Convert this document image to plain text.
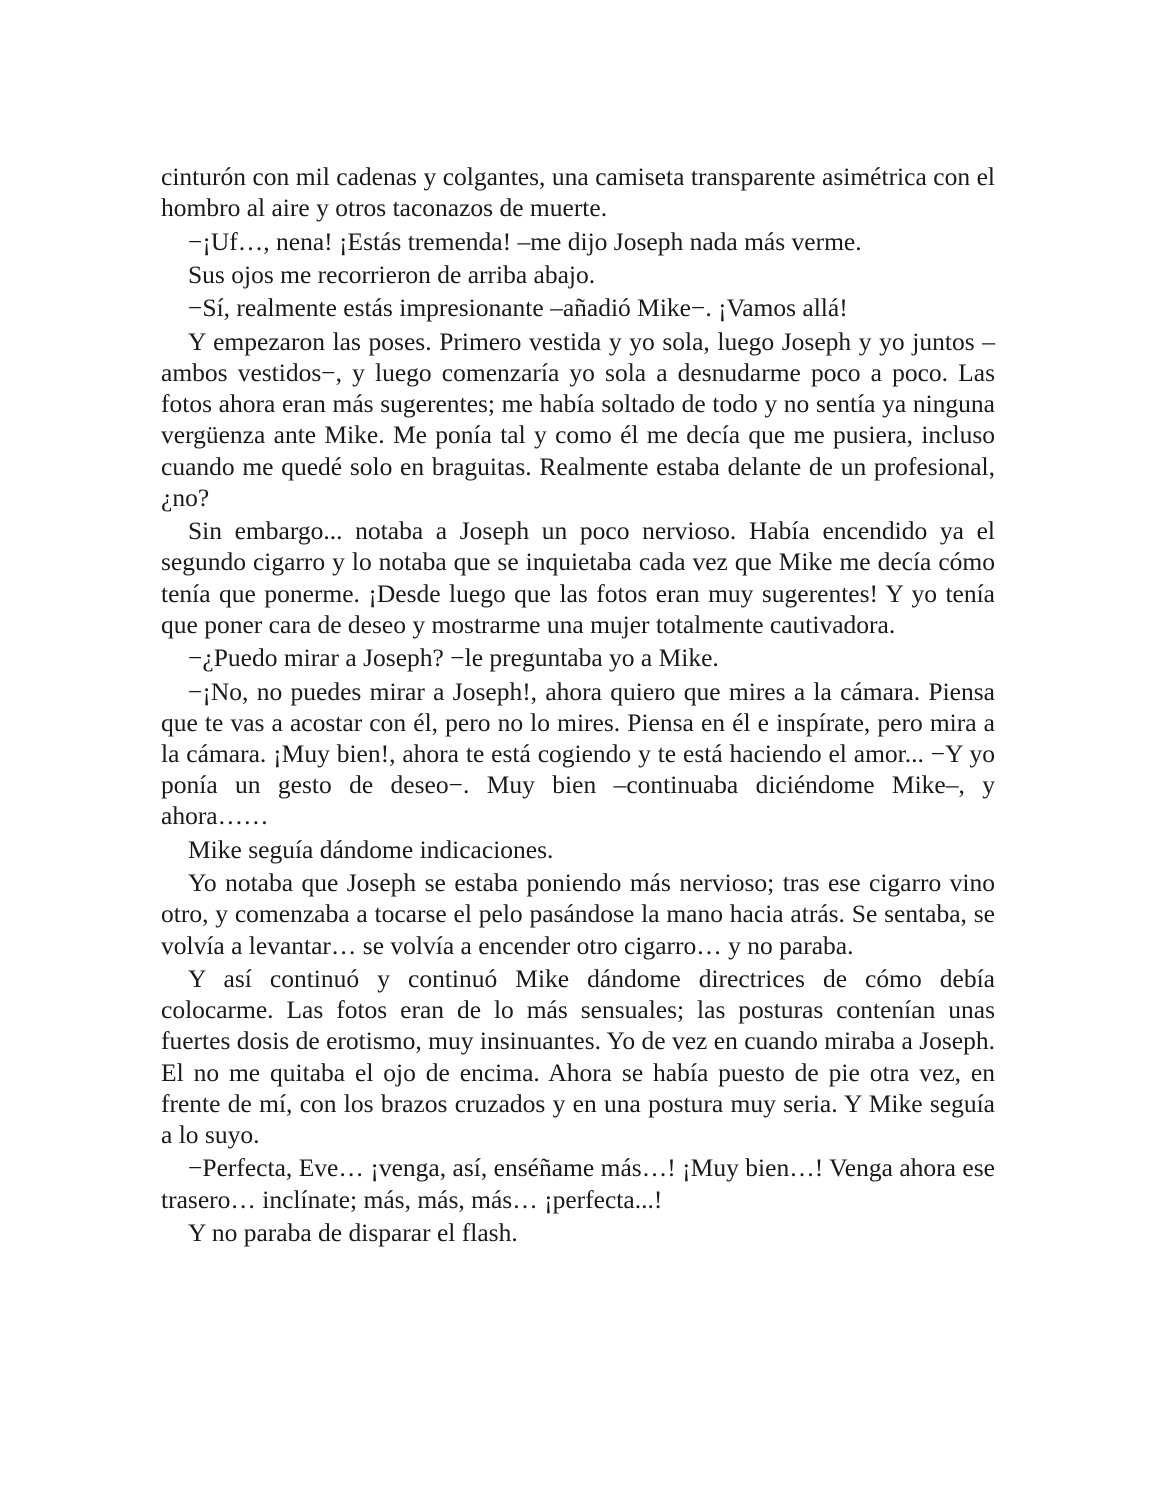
cinturón con mil cadenas y colgantes, una camiseta transparente asimétrica con el hombro al aire y otros taconazos de muerte.

−¡Uf…, nena! ¡Estás tremenda! –me dijo Joseph nada más verme.

Sus ojos me recorrieron de arriba abajo.

−Sí, realmente estás impresionante –añadió Mike−. ¡Vamos allá!

Y empezaron las poses. Primero vestida y yo sola, luego Joseph y yo juntos –ambos vestidos−, y luego comenzaría yo sola a desnudarme poco a poco. Las fotos ahora eran más sugerentes; me había soltado de todo y no sentía ya ninguna vergüenza ante Mike. Me ponía tal y como él me decía que me pusiera, incluso cuando me quedé solo en braguitas. Realmente estaba delante de un profesional, ¿no?

Sin embargo... notaba a Joseph un poco nervioso. Había encendido ya el segundo cigarro y lo notaba que se inquietaba cada vez que Mike me decía cómo tenía que ponerme. ¡Desde luego que las fotos eran muy sugerentes! Y yo tenía que poner cara de deseo y mostrarme una mujer totalmente cautivadora.

−¿Puedo mirar a Joseph? −le preguntaba yo a Mike.

−¡No, no puedes mirar a Joseph!, ahora quiero que mires a la cámara. Piensa que te vas a acostar con él, pero no lo mires. Piensa en él e inspírate, pero mira a la cámara. ¡Muy bien!, ahora te está cogiendo y te está haciendo el amor... −Y yo ponía un gesto de deseo−. Muy bien –continuaba diciéndome Mike–, y ahora……

Mike seguía dándome indicaciones.

Yo notaba que Joseph se estaba poniendo más nervioso; tras ese cigarro vino otro, y comenzaba a tocarse el pelo pasándose la mano hacia atrás. Se sentaba, se volvía a levantar… se volvía a encender otro cigarro… y no paraba.

Y así continuó y continuó Mike dándome directrices de cómo debía colocarme. Las fotos eran de lo más sensuales; las posturas contenían unas fuertes dosis de erotismo, muy insinuantes. Yo de vez en cuando miraba a Joseph. El no me quitaba el ojo de encima. Ahora se había puesto de pie otra vez, en frente de mí, con los brazos cruzados y en una postura muy seria. Y Mike seguía a lo suyo.

−Perfecta, Eve… ¡venga, así, enséñame más…! ¡Muy bien…! Venga ahora ese trasero… inclínate; más, más, más… ¡perfecta...!

Y no paraba de disparar el flash.
